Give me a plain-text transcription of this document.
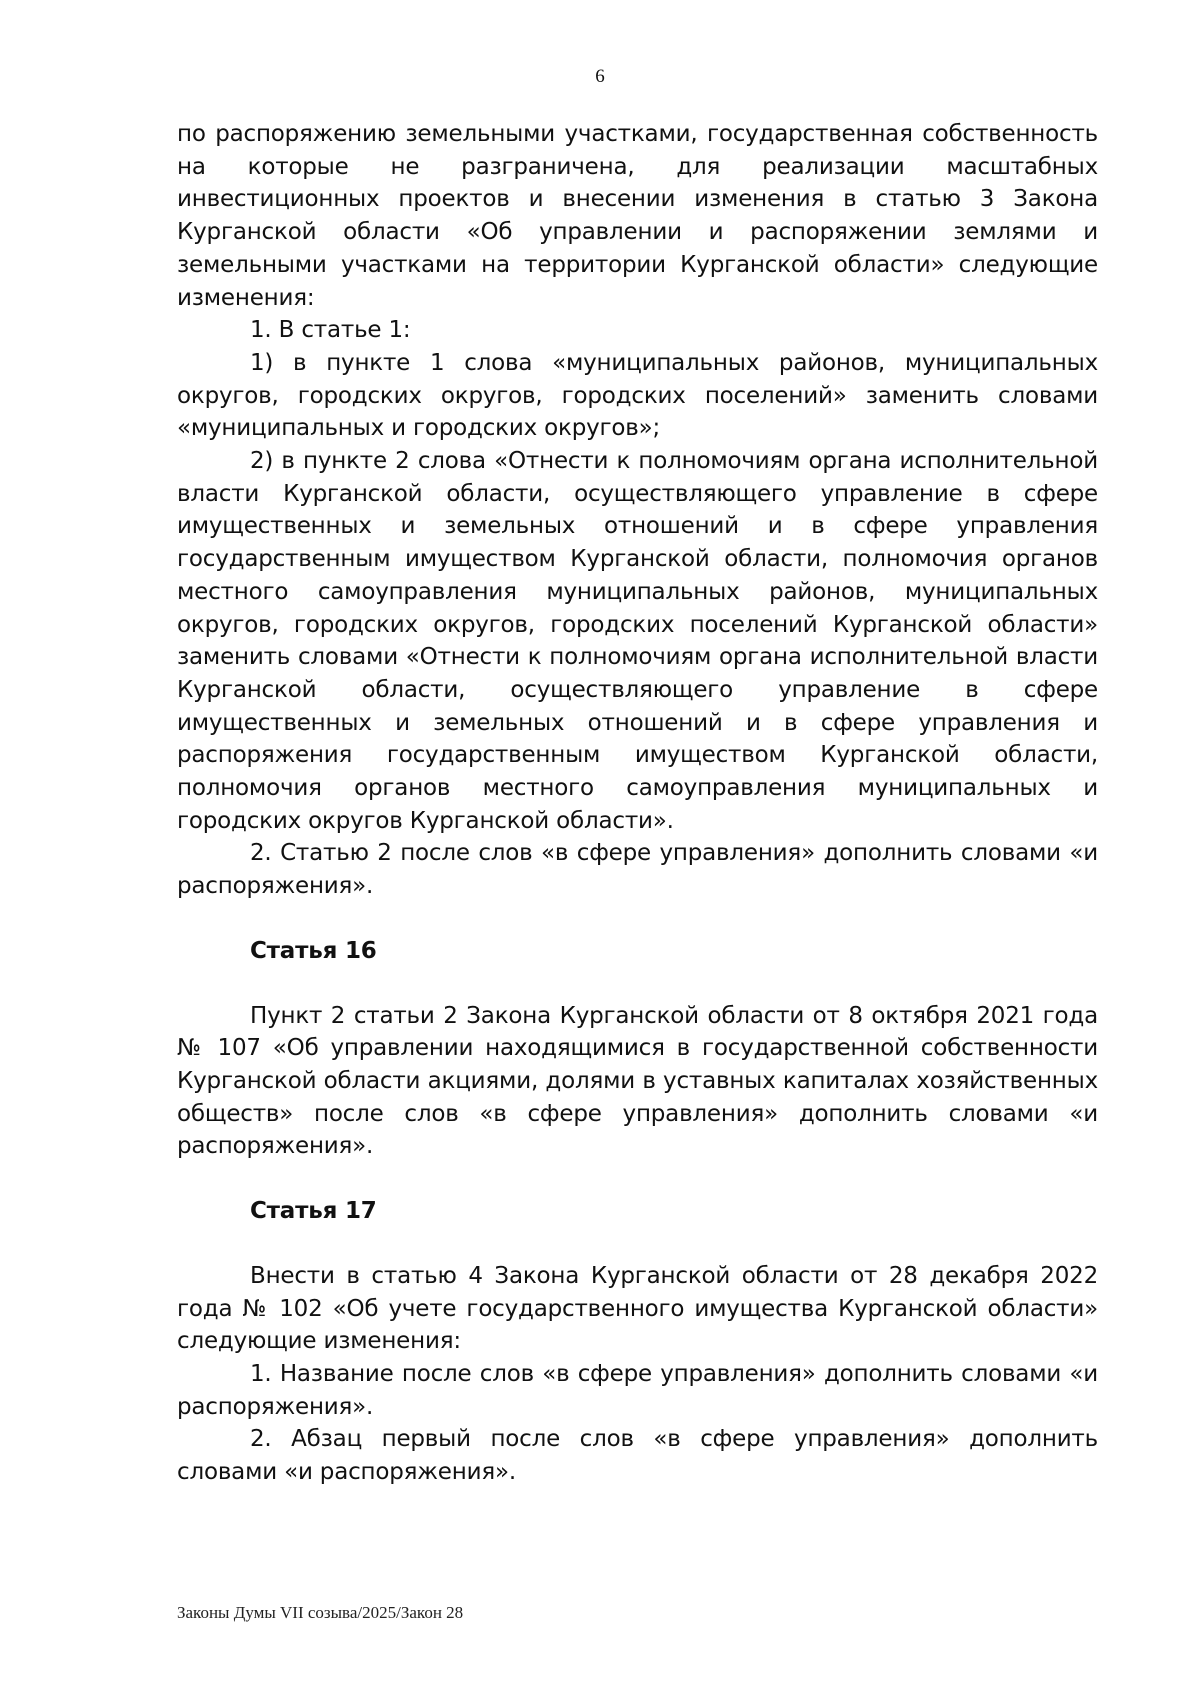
6

по распоряжению земельными участками, государственная собственность на которые не разграничена, для реализации масштабных инвестиционных проектов и внесении изменения в статью 3 Закона Курганской области «Об управлении и распоряжении землями и земельными участками на территории Курганской области» следующие изменения:

1. В статье 1:

1) в пункте 1 слова «муниципальных районов, муниципальных округов, городских округов, городских поселений» заменить словами «муниципальных и городских округов»;

2) в пункте 2 слова «Отнести к полномочиям органа исполнительной власти Курганской области, осуществляющего управление в сфере имущественных и земельных отношений и в сфере управления государственным имуществом Курганской области, полномочия органов местного самоуправления муниципальных районов, муниципальных округов, городских округов, городских поселений Курганской области» заменить словами «Отнести к полномочиям органа исполнительной власти Курганской области, осуществляющего управление в сфере имущественных и земельных отношений и в сфере управления и распоряжения государственным имуществом Курганской области, полномочия органов местного самоуправления муниципальных и городских округов Курганской области».

2. Статью 2 после слов «в сфере управления» дополнить словами «и распоряжения».

Статья 16

Пункт 2 статьи 2 Закона Курганской области от 8 октября 2021 года № 107 «Об управлении находящимися в государственной собственности Курганской области акциями, долями в уставных капиталах хозяйственных обществ» после слов «в сфере управления» дополнить словами «и распоряжения».

Статья 17

Внести в статью 4 Закона Курганской области от 28 декабря 2022 года № 102 «Об учете государственного имущества Курганской области» следующие изменения:

1. Название после слов «в сфере управления» дополнить словами «и распоряжения».

2. Абзац первый после слов «в сфере управления» дополнить словами «и распоряжения».

Законы Думы VII созыва/2025/Закон 28
